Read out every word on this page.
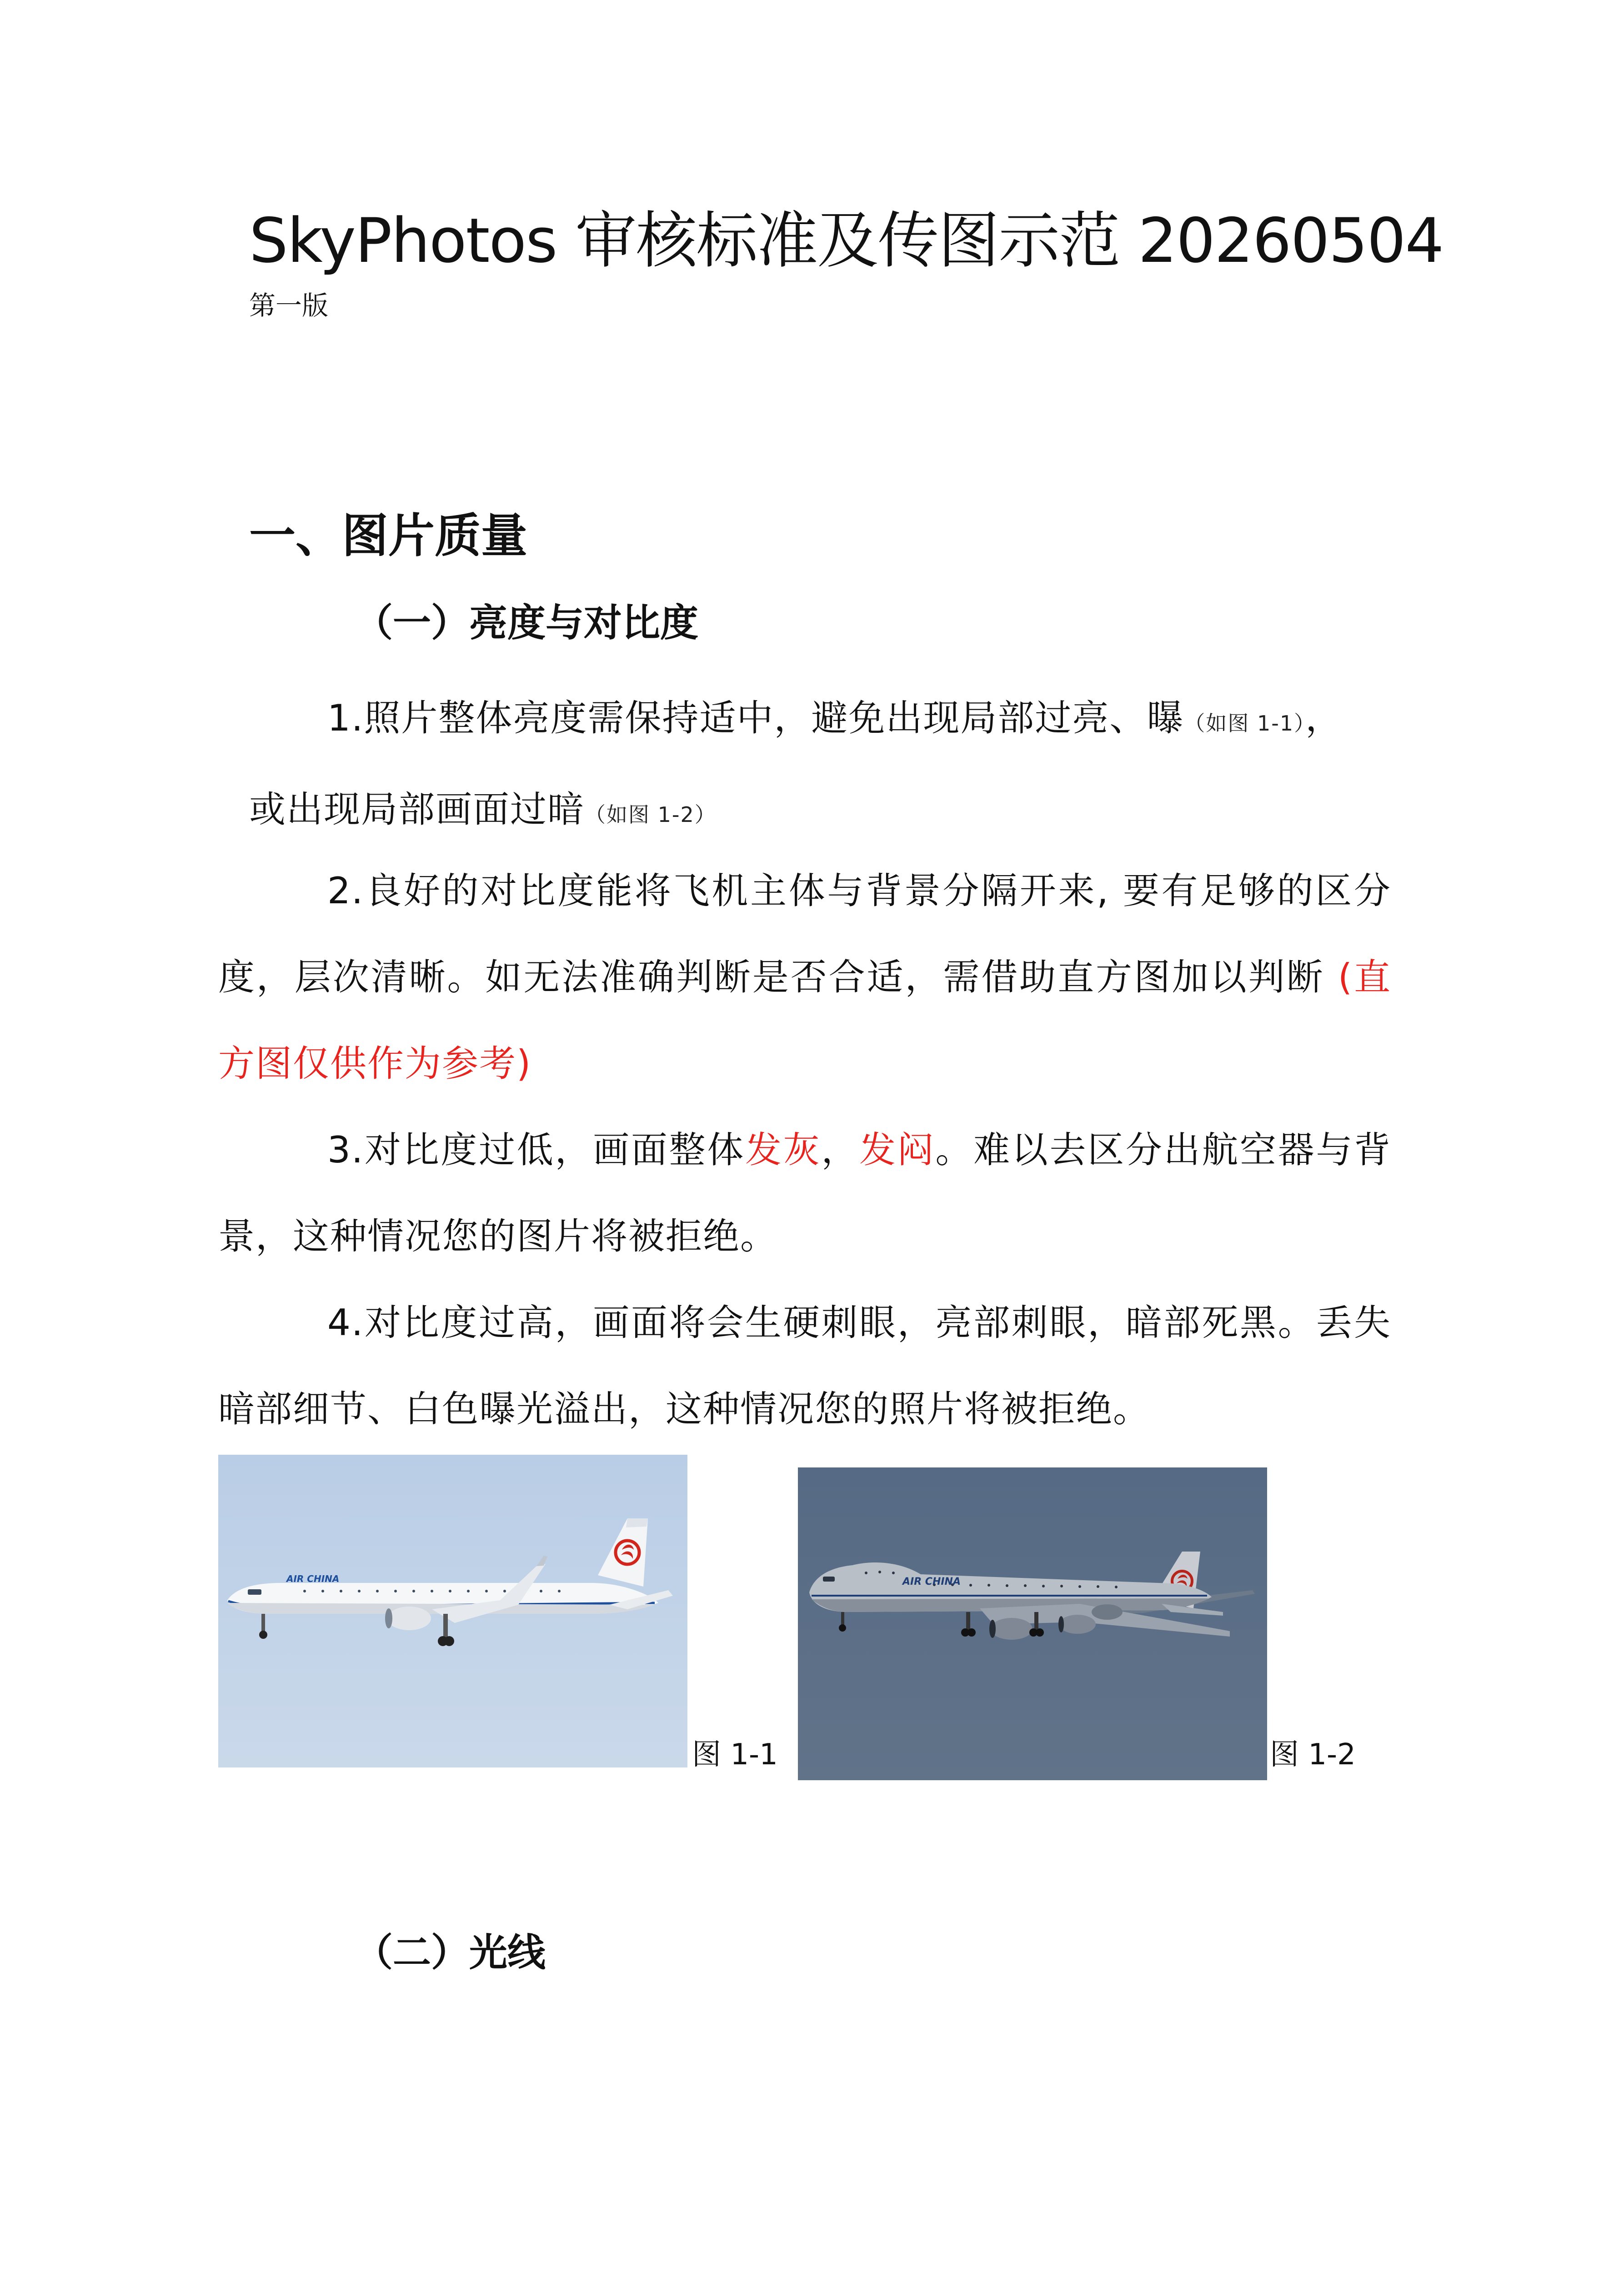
SkyPhotos 审核标准及传图示范 20260504
第一版
一、图片质量
（一）亮度与对比度

1.照片整体亮度需保持适中，避免出现局部过亮、曝（如图 1-1），
或出现局部画面过暗（如图 1-2）

2.良好的对比度能将飞机主体与背景分隔开来, 要有足够的区分度，层次清晰。如无法准确判断是否合适，需借助直方图加以判断 (直方图仅供作为参考)

3.对比度过低，画面整体发灰，发闷。难以去区分出航空器与背景，这种情况您的图片将被拒绝。

4.对比度过高，画面将会生硬刺眼，亮部刺眼，暗部死黑。丢失暗部细节、白色曝光溢出，这种情况您的照片将被拒绝。

AIR CHINA
图 1-1
AIR CHINA
图 1-2
（二）光线
